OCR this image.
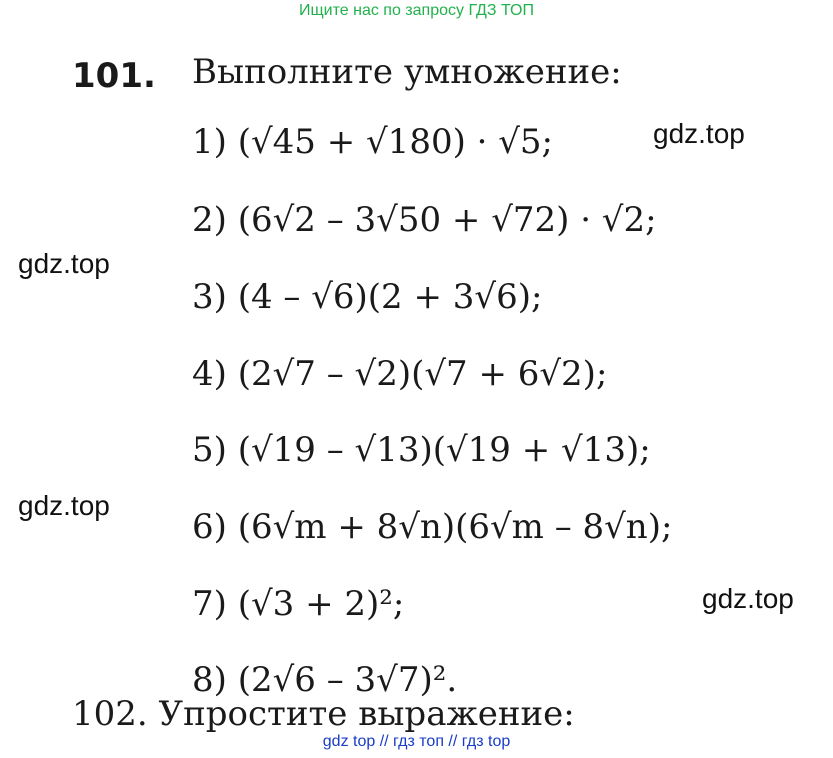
Ищите нас по запросу ГДЗ ТОП
101. Выполните умножение:
1) (√45 + √180) · √5;
2) (6√2 – 3√50 + √72) · √2;
3) (4 – √6)(2 + 3√6);
4) (2√7 – √2)(√7 + 6√2);
5) (√19 – √13)(√19 + √13);
6) (6√m + 8√n)(6√m – 8√n);
7) (√3 + 2)²;
8) (2√6 – 3√7)².
gdz.top
gdz.top
gdz.top
gdz.top
102. Упростите выражение:
gdz top // гдз топ // гдз top
